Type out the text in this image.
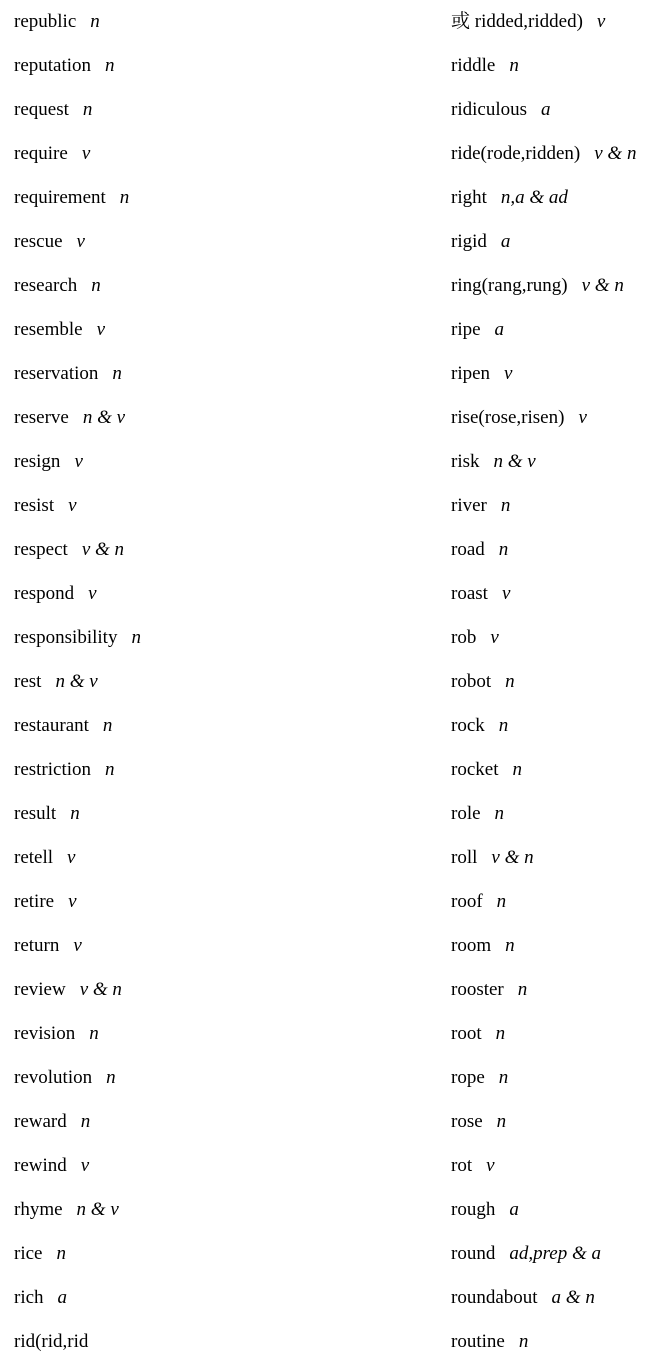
republic n
reputation n
request n
require v
requirement n
rescue v
research n
resemble v
reservation n
reserve n & v
resign v
resist v
respect v & n
respond v
responsibility n
rest n & v
restaurant n
restriction n
result n
retell v
retire v
return v
review v & n
revision n
revolution n
reward n
rewind v
rhyme n & v
rice n
rich a
rid(rid,rid
或 ridded,ridded) v
riddle n
ridiculous a
ride(rode,ridden) v & n
right n,a & ad
rigid a
ring(rang,rung) v & n
ripe a
ripen v
rise(rose,risen) v
risk n & v
river n
road n
roast v
rob v
robot n
rock n
rocket n
role n
roll v & n
roof n
room n
rooster n
root n
rope n
rose n
rot v
rough a
round ad,prep & a
roundabout a & n
routine n
